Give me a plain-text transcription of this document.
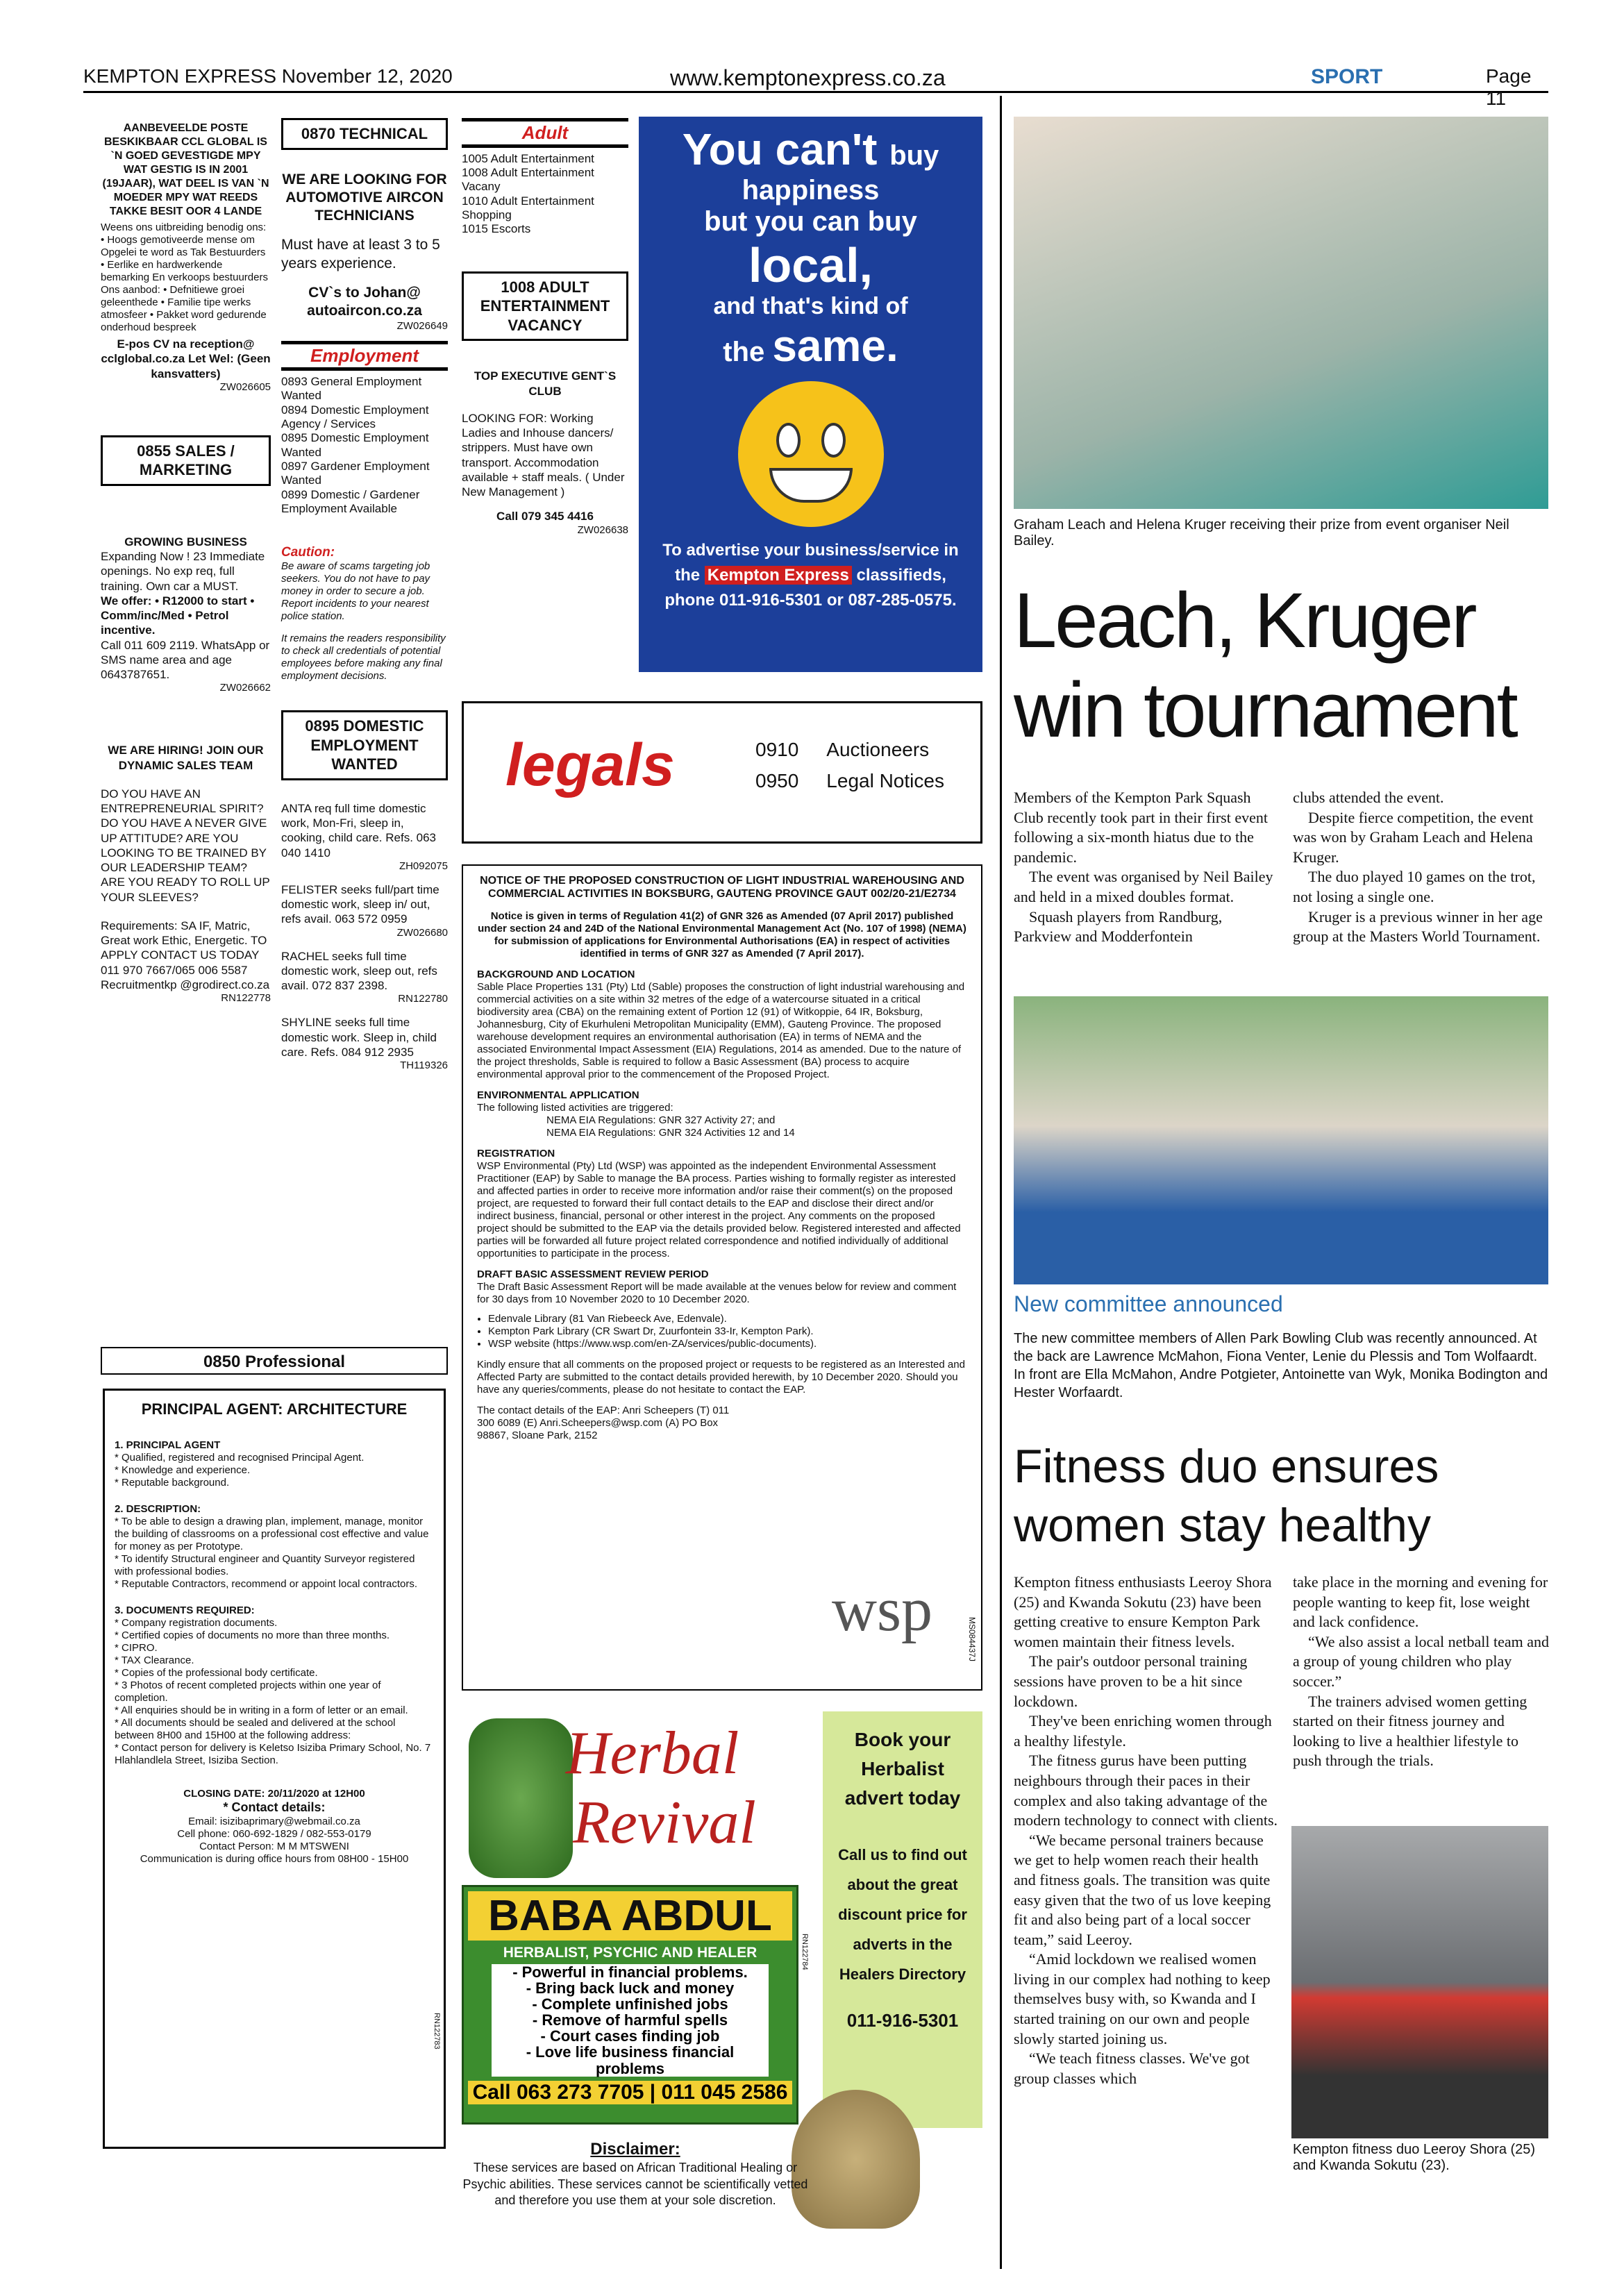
KEMPTON EXPRESS November 12, 2020	www.kemptonexpress.co.za	SPORT	Page 11
AANBEVEELDE POSTE BESKIKBAAR CCL GLOBAL IS `N GOED GEVESTIGDE MPY WAT GESTIG IS IN 2001 (19JAAR), WAT DEEL IS VAN `N MOEDER MPY WAT REEDS TAKKE BESIT OOR 4 LANDE
Weens ons uitbreiding benodig ons: • Hoogs gemotiveerde mense om Opgelei te word as Tak Bestuurders • Eerlike en hardwerkende bemarking En verkoops bestuurders Ons aanbod: • Defnitiewe groei geleenthede • Familie tipe werks atmosfeer • Pakket word gedurende onderhoud bespreek
E-pos CV na reception@ cclglobal.co.za Let Wel: (Geen kansvatters)
ZW026605
0855 SALES / MARKETING
GROWING BUSINESS
Expanding Now ! 23 Immediate openings. No exp req, full training. Own car a MUST.
We offer: • R12000 to start • Comm/inc/Med • Petrol incentive.
Call 011 609 2119. WhatsApp or SMS name area and age 0643787651.
ZW026662
WE ARE HIRING! JOIN OUR DYNAMIC SALES TEAM
DO YOU HAVE AN ENTREPRENEURIAL SPIRIT? DO YOU HAVE A NEVER GIVE UP ATTITUDE? ARE YOU LOOKING TO BE TRAINED BY OUR LEADERSHIP TEAM? ARE YOU READY TO ROLL UP YOUR SLEEVES?
Requirements: SA IF, Matric, Great work Ethic, Energetic. TO APPLY CONTACT US TODAY 011 970 7667/065 006 5587 Recruitmentkp @grodirect.co.za
RN122778
0870 TECHNICAL
WE ARE LOOKING FOR AUTOMOTIVE AIRCON TECHNICIANS
Must have at least 3 to 5 years experience.
CV`s to Johan@ autoaircon.co.za
ZW026649
Employment
0893 General Employment Wanted
0894 Domestic Employment Agency / Services
0895 Domestic Employment Wanted
0897 Gardener Employment Wanted
0899 Domestic / Gardener Employment Available
Caution:
Be aware of scams targeting job seekers. You do not have to pay money in order to secure a job. Report incidents to your nearest police station.
It remains the readers responsibility to check all credentials of potential employees before making any final employment decisions.
0895 DOMESTIC EMPLOYMENT WANTED
ANTA req full time domestic work, Mon-Fri, sleep in, cooking, child care. Refs. 063 040 1410
ZH092075
FELISTER seeks full/part time domestic work, sleep in/ out, refs avail. 063 572 0959
ZW026680
RACHEL seeks full time domestic work, sleep out, refs avail. 072 837 2398.
RN122780
SHYLINE seeks full time domestic work. Sleep in, child care. Refs. 084 912 2935
TH119326
Adult
1005 Adult Entertainment
1008 Adult Entertainment Vacany
1010 Adult Entertainment Shopping
1015 Escorts
1008 ADULT ENTERTAINMENT VACANCY
TOP EXECUTIVE GENT`S CLUB
LOOKING FOR: Working Ladies and Inhouse dancers/ strippers. Must have own transport. Accommodation available + staff meals. ( Under New Management )
Call 079 345 4416
ZW026638
You can't buy
happiness
but you can buy
local,
and that's kind of
the same.
To advertise your business/service in
the Kempton Express classifieds,
phone 011-916-5301 or 087-285-0575.
legals	0910 Auctioneers
0950 Legal Notices
NOTICE OF THE PROPOSED CONSTRUCTION OF LIGHT INDUSTRIAL WAREHOUSING AND COMMERCIAL ACTIVITIES IN BOKSBURG, GAUTENG PROVINCE GAUT 002/20-21/E2734
Notice is given in terms of Regulation 41(2) of GNR 326 as Amended (07 April 2017) published under section 24 and 24D of the National Environmental Management Act (No. 107 of 1998) (NEMA) for submission of applications for Environmental Authorisations (EA) in respect of activities identified in terms of GNR 327 as Amended (7 April 2017).
BACKGROUND AND LOCATION
Sable Place Properties 131 (Pty) Ltd (Sable) proposes the construction of light industrial warehousing and commercial activities on a site within 32 metres of the edge of a watercourse situated in a critical biodiversity area (CBA) on the remaining extent of Portion 12 (91) of Witkoppie, 64 IR, Boksburg, Johannesburg, City of Ekurhuleni Metropolitan Municipality (EMM), Gauteng Province. The proposed warehouse development requires an environmental authorisation (EA) in terms of NEMA and the associated Environmental Impact Assessment (EIA) Regulations, 2014 as amended. Due to the nature of the project thresholds, Sable is required to follow a Basic Assessment (BA) process to acquire environmental approval prior to the commencement of the Proposed Project.
ENVIRONMENTAL APPLICATION
The following listed activities are triggered:
NEMA EIA Regulations: GNR 327 Activity 27; and
NEMA EIA Regulations: GNR 324 Activities 12 and 14
REGISTRATION
WSP Environmental (Pty) Ltd (WSP) was appointed as the independent Environmental Assessment Practitioner (EAP) by Sable to manage the BA process. Parties wishing to formally register as interested and affected parties in order to receive more information and/or raise their comment(s) on the proposed project, are requested to forward their full contact details to the EAP and disclose their direct and/or indirect business, financial, personal or other interest in the project. Any comments on the proposed project should be submitted to the EAP via the details provided below. Registered interested and affected parties will be forwarded all future project related correspondence and notified individually of additional opportunities to participate in the process.
DRAFT BASIC ASSESSMENT REVIEW PERIOD
The Draft Basic Assessment Report will be made available at the venues below for review and comment for 30 days from 10 November 2020 to 10 December 2020.
• Edenvale Library (81 Van Riebeeck Ave, Edenvale).
• Kempton Park Library (CR Swart Dr, Zuurfontein 33-Ir, Kempton Park).
• WSP website (https://www.wsp.com/en-ZA/services/public-documents).
Kindly ensure that all comments on the proposed project or requests to be registered as an Interested and Affected Party are submitted to the contact details provided herewith, by 10 December 2020. Should you have any queries/comments, please do not hesitate to contact the EAP.
The contact details of the EAP: Anri Scheepers (T) 011 300 6089 (E) Anri.Scheepers@wsp.com (A) PO Box 98867, Sloane Park, 2152
wsp	MS084437J
0850 Professional
PRINCIPAL AGENT: ARCHITECTURE
1. PRINCIPAL AGENT
* Qualified, registered and recognised Principal Agent.
* Knowledge and experience.
* Reputable background.
2. DESCRIPTION:
* To be able to design a drawing plan, implement, manage, monitor the building of classrooms on a professional cost effective and value for money as per Prototype.
* To identify Structural engineer and Quantity Surveyor registered with professional bodies.
* Reputable Contractors, recommend or appoint local contractors.
3. DOCUMENTS REQUIRED:
* Company registration documents.
* Certified copies of documents no more than three months.
* CIPRO.
* TAX Clearance.
* Copies of the professional body certificate.
* 3 Photos of recent completed projects within one year of completion.
* All enquiries should be in writing in a form of letter or an email.
* All documents should be sealed and delivered at the school between 8H00 and 15H00 at the following address:
* Contact person for delivery is Keletso Isiziba Primary School, No. 7 Hlahlandlela Street, Isiziba Section.
CLOSING DATE: 20/11/2020 at 12H00
* Contact details:
Email: isizibaprimary@webmail.co.za
Cell phone: 060-692-1829 / 082-553-0179
Contact Person: M M MTSWENI
Communication is during office hours from 08H00 - 15H00
RN122783
Herbal
Revival
BABA ABDUL
HERBALIST, PSYCHIC AND HEALER
- Powerful in financial problems.
- Bring back luck and money
- Complete unfinished jobs
- Remove of harmful spells
- Court cases finding job
- Love life business financial problems
Call 063 273 7705 | 011 045 2586
RN122784
Book your Herbalist advert today
Call us to find out about the great discount price for adverts in the Healers Directory
011-916-5301
Disclaimer:
These services are based on African Traditional Healing or Psychic abilities. These services cannot be scientifically vetted and therefore you use them at your sole discretion.
Graham Leach and Helena Kruger receiving their prize from event organiser Neil Bailey.
Leach, Kruger win tournament

Members of the Kempton Park Squash Club recently took part in their first event following a six-month hiatus due to the pandemic.

The event was organised by Neil Bailey and held in a mixed doubles format.

Squash players from Randburg, Parkview and Modderfontein

clubs attended the event.

Despite fierce competition, the event was won by Graham Leach and Helena Kruger.

The duo played 10 games on the trot, not losing a single one.

Kruger is a previous winner in her age group at the Masters World Tournament.

New committee announced
The new committee members of Allen Park Bowling Club was recently announced. At the back are Lawrence McMahon, Fiona Venter, Lenie du Plessis and Tom Wolfaardt. In front are Ella McMahon, Andre Potgieter, Antoinette van Wyk, Monika Bodington and Hester Worfaardt.
Fitness duo ensures women stay healthy

Kempton fitness enthusiasts Leeroy Shora (25) and Kwanda Sokutu (23) have been getting creative to ensure Kempton Park women maintain their fitness levels.

The pair's outdoor personal training sessions have proven to be a hit since lockdown.

They've been enriching women through a healthy lifestyle.

The fitness gurus have been putting neighbours through their paces in their complex and also taking advantage of the modern technology to connect with clients.

“We became personal trainers because we get to help women reach their health and fitness goals. The transition was quite easy given that the two of us love keeping fit and also being part of a local soccer team,” said Leeroy.

“Amid lockdown we realised women living in our complex had nothing to keep themselves busy with, so Kwanda and I started training on our own and people slowly started joining us.

“We teach fitness classes. We've got group classes which

take place in the morning and evening for people wanting to keep fit, lose weight and lack confidence.

“We also assist a local netball team and a group of young children who play soccer.”

The trainers advised women getting started on their fitness journey and looking to live a healthier lifestyle to push through the trials.

Kempton fitness duo Leeroy Shora (25) and Kwanda Sokutu (23).
